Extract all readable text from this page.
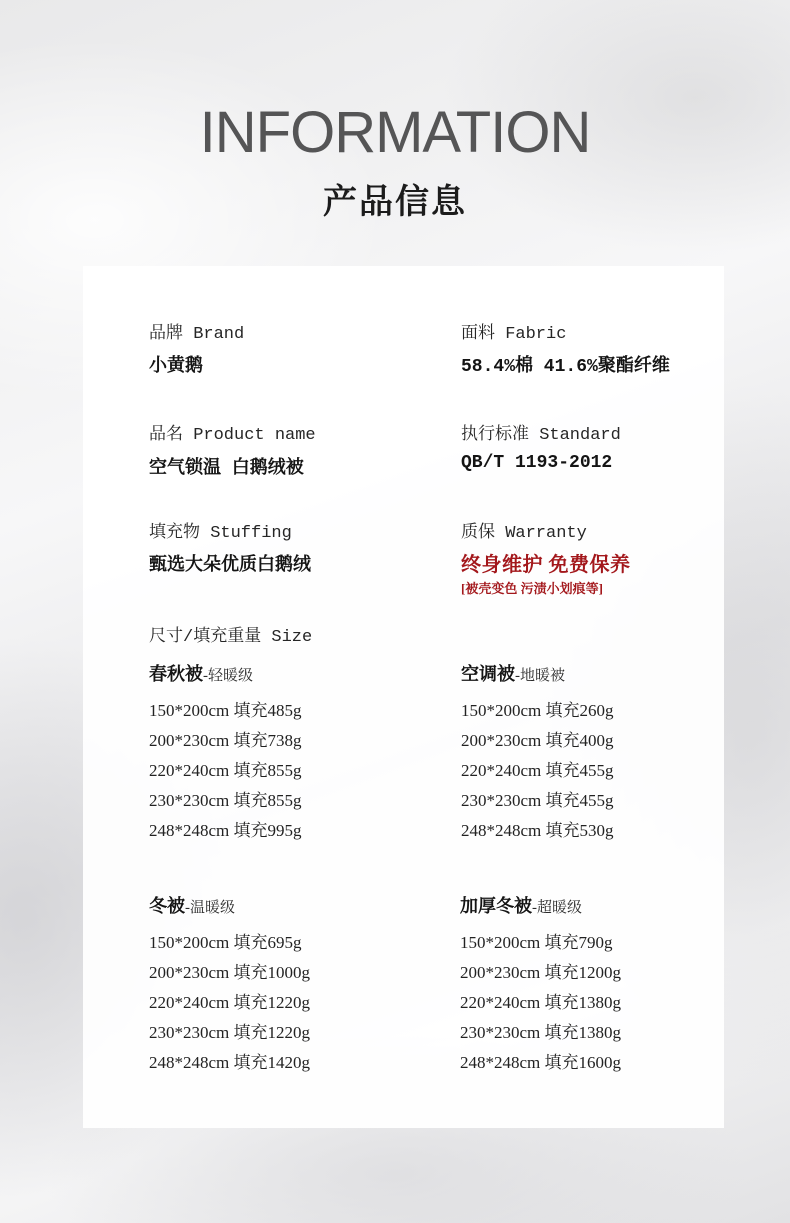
INFORMATION
产品信息
品牌 Brand
小黄鹅
面料 Fabric
58.4%棉 41.6%聚酯纤维
品名 Product name
空气锁温 白鹅绒被
执行标准 Standard
QB/T 1193-2012
填充物 Stuffing
甄选大朵优质白鹅绒
质保 Warranty
终身维护 免费保养
[被壳变色 污渍小划痕等]
尺寸/填充重量 Size
春秋被-轻暖级
150*200cm 填充485g
200*230cm 填充738g
220*240cm 填充855g
230*230cm 填充855g
248*248cm 填充995g
空调被-地暖被
150*200cm 填充260g
200*230cm 填充400g
220*240cm 填充455g
230*230cm 填充455g
248*248cm 填充530g
冬被-温暖级
150*200cm 填充695g
200*230cm 填充1000g
220*240cm 填充1220g
230*230cm 填充1220g
248*248cm 填充1420g
加厚冬被-超暖级
150*200cm 填充790g
200*230cm 填充1200g
220*240cm 填充1380g
230*230cm 填充1380g
248*248cm 填充1600g
